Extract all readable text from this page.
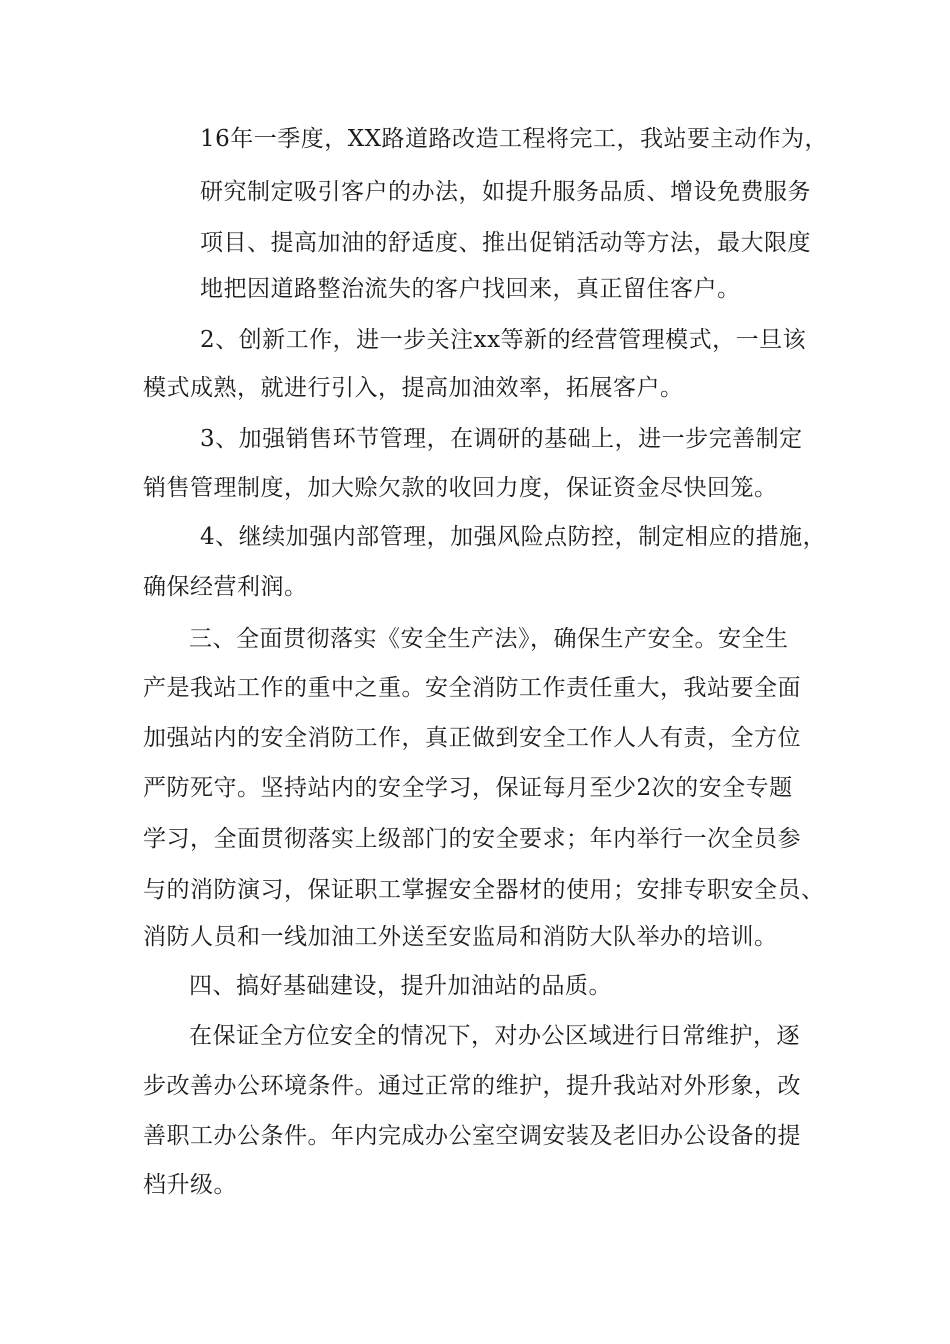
16年一季度，XX路道路改造工程将完工，我站要主动作为，
研究制定吸引客户的办法，如提升服务品质、增设免费服务
项目、提高加油的舒适度、推出促销活动等方法，最大限度
地把因道路整治流失的客户找回来，真正留住客户。
2、创新工作，进一步关注xx等新的经营管理模式，一旦该
模式成熟，就进行引入，提高加油效率，拓展客户。
3、加强销售环节管理，在调研的基础上，进一步完善制定
销售管理制度，加大赊欠款的收回力度，保证资金尽快回笼。
4、继续加强内部管理，加强风险点防控，制定相应的措施，
确保经营利润。
三、全面贯彻落实《安全生产法》，确保生产安全。安全生
产是我站工作的重中之重。安全消防工作责任重大，我站要全面
加强站内的安全消防工作，真正做到安全工作人人有责，全方位
严防死守。坚持站内的安全学习，保证每月至少2次的安全专题
学习，全面贯彻落实上级部门的安全要求；年内举行一次全员参
与的消防演习，保证职工掌握安全器材的使用；安排专职安全员、
消防人员和一线加油工外送至安监局和消防大队举办的培训。
四、搞好基础建设，提升加油站的品质。
在保证全方位安全的情况下，对办公区域进行日常维护，逐
步改善办公环境条件。通过正常的维护，提升我站对外形象，改
善职工办公条件。年内完成办公室空调安装及老旧办公设备的提
档升级。
